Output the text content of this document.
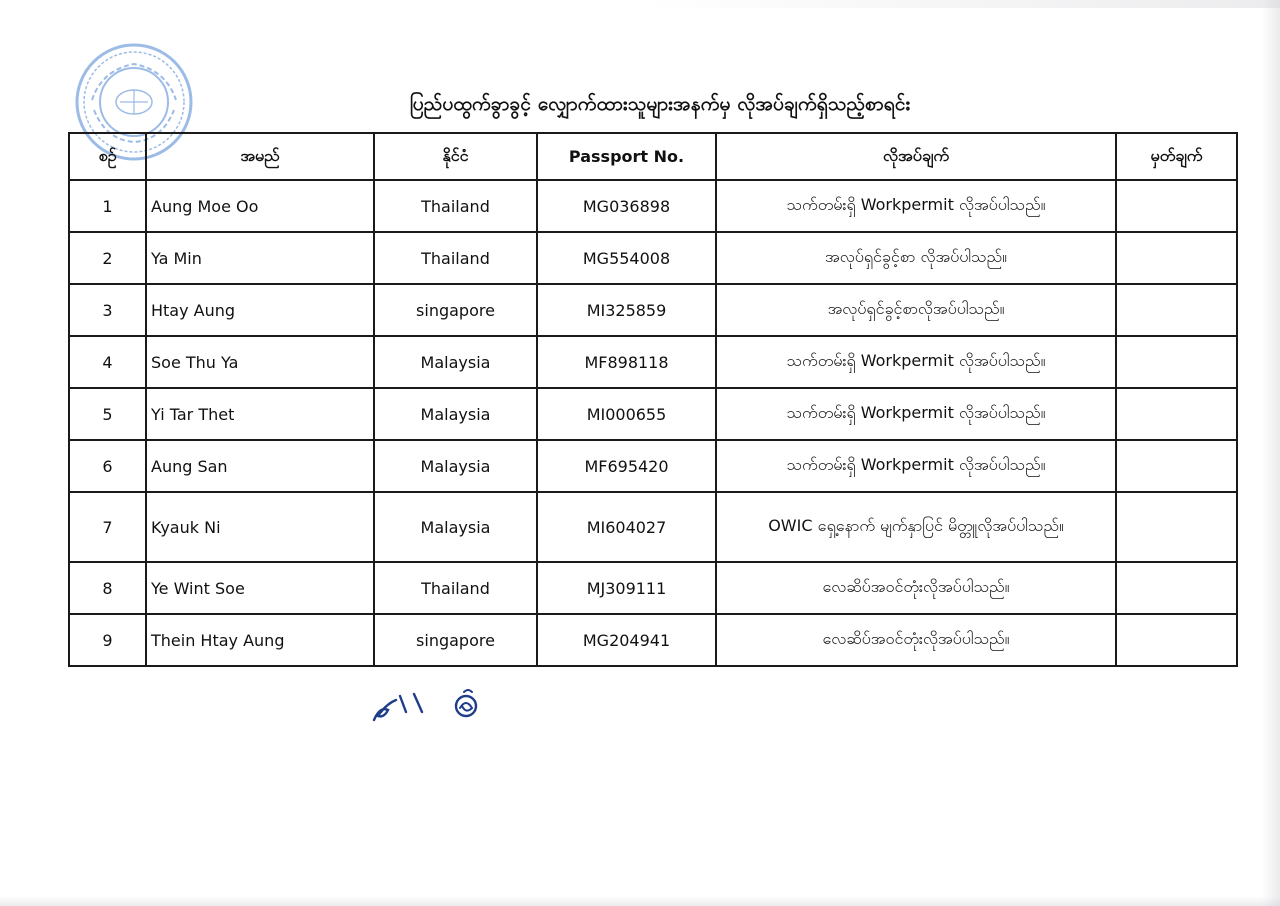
ပြည်ပထွက်ခွာခွင့် လျှောက်ထားသူများအနက်မှ လိုအပ်ချက်ရှိသည့်စာရင်း
စဉ်	အမည်	နိုင်ငံ	Passport No.	လိုအပ်ချက်	မှတ်ချက်
1	Aung Moe Oo	Thailand	MG036898	သက်တမ်းရှိ Workpermit လိုအပ်ပါသည်။	
2	Ya Min	Thailand	MG554008	အလုပ်ရှင်ခွင့်စာ လိုအပ်ပါသည်။	
3	Htay Aung	singapore	MI325859	အလုပ်ရှင်ခွင့်စာလိုအပ်ပါသည်။	
4	Soe Thu Ya	Malaysia	MF898118	သက်တမ်းရှိ Workpermit လိုအပ်ပါသည်။	
5	Yi Tar Thet	Malaysia	MI000655	သက်တမ်းရှိ Workpermit လိုအပ်ပါသည်။	
6	Aung San	Malaysia	MF695420	သက်တမ်းရှိ Workpermit လိုအပ်ပါသည်။	
7	Kyauk Ni	Malaysia	MI604027	OWIC ရှေ့နောက် မျက်နှာပြင် မိတ္တူလိုအပ်ပါသည်။	
8	Ye Wint Soe	Thailand	MJ309111	လေဆိပ်အဝင်တုံးလိုအပ်ပါသည်။	
9	Thein Htay Aung	singapore	MG204941	လေဆိပ်အဝင်တုံးလိုအပ်ပါသည်။	
